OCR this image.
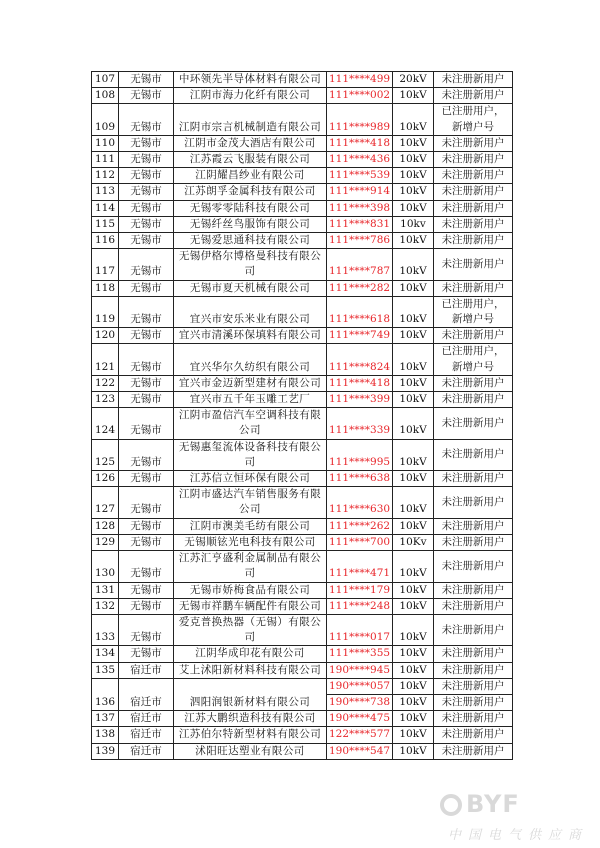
107	无锡市	中环领先半导体材料有限公司	111****499	20kV	未注册新用户
108	无锡市	江阴市海力化纤有限公司	111****002	10kV	未注册新用户
109	无锡市	江阴市宗言机械制造有限公司	111****989	10kV	已注册用户，
新增户号
110	无锡市	江阴市金茂大酒店有限公司	111****418	10kV	未注册新用户
111	无锡市	江苏霞云飞服装有限公司	111****436	10kV	未注册新用户
112	无锡市	江阴耀昌纱业有限公司	111****539	10kV	未注册新用户
113	无锡市	江苏朗孚金属科技有限公司	111****914	10kV	未注册新用户
114	无锡市	无锡零零陆科技有限公司	111****398	10kV	未注册新用户
115	无锡市	无锡纤丝鸟服饰有限公司	111****831	10kv	未注册新用户
116	无锡市	无锡爱思通科技有限公司	111****786	10kV	未注册新用户
117	无锡市	无锡伊格尔博格曼科技有限公司	111****787	10kV	未注册新用户
118	无锡市	无锡市夏天机械有限公司	111****282	10kV	未注册新用户
119	无锡市	宜兴市安乐米业有限公司	111****618	10kV	已注册用户，
新增户号
120	无锡市	宜兴市清溪环保填料有限公司	111****749	10kV	未注册新用户
121	无锡市	宜兴华尔久纺织有限公司	111****824	10kV	已注册用户，
新增户号
122	无锡市	宜兴市金迈新型建材有限公司	111****418	10kV	未注册新用户
123	无锡市	宜兴市五千年玉雕工艺厂	111****399	10kV	未注册新用户
124	无锡市	江阴市盈信汽车空调科技有限公司	111****339	10kV	未注册新用户
125	无锡市	无锡惠玺流体设备科技有限公司	111****995	10kV	未注册新用户
126	无锡市	江苏信立恒环保有限公司	111****638	10kV	未注册新用户
127	无锡市	江阴市盛达汽车销售服务有限公司	111****630	10kV	未注册新用户
128	无锡市	江阴市澳美毛纺有限公司	111****262	10kV	未注册新用户
129	无锡市	无锡顺铉光电科技有限公司	111****700	10Kv	未注册新用户
130	无锡市	江苏汇亨盛利金属制品有限公司	111****471	10kV	未注册新用户
131	无锡市	无锡市娇梅食品有限公司	111****179	10kV	未注册新用户
132	无锡市	无锡市祥鹏车辆配件有限公司	111****248	10kV	未注册新用户
133	无锡市	爱克普换热器（无锡）有限公司	111****017	10kV	未注册新用户
134	无锡市	江阴华成印花有限公司	111****355	10kV	未注册新用户
135	宿迁市	艾上沭阳新材料科技有限公司	190****945	10kV	未注册新用户
136	宿迁市	泗阳润银新材料有限公司	190****057	10kV	未注册新用户
			190****738	10kV	未注册新用户
137	宿迁市	江苏大鹏织造科技有限公司	190****475	10kV	未注册新用户
138	宿迁市	江苏伯尔特新型材料有限公司	122****577	10kV	未注册新用户
139	宿迁市	沭阳旺达塑业有限公司	190****547	10kV	未注册新用户
BYF
中国电气供应商
